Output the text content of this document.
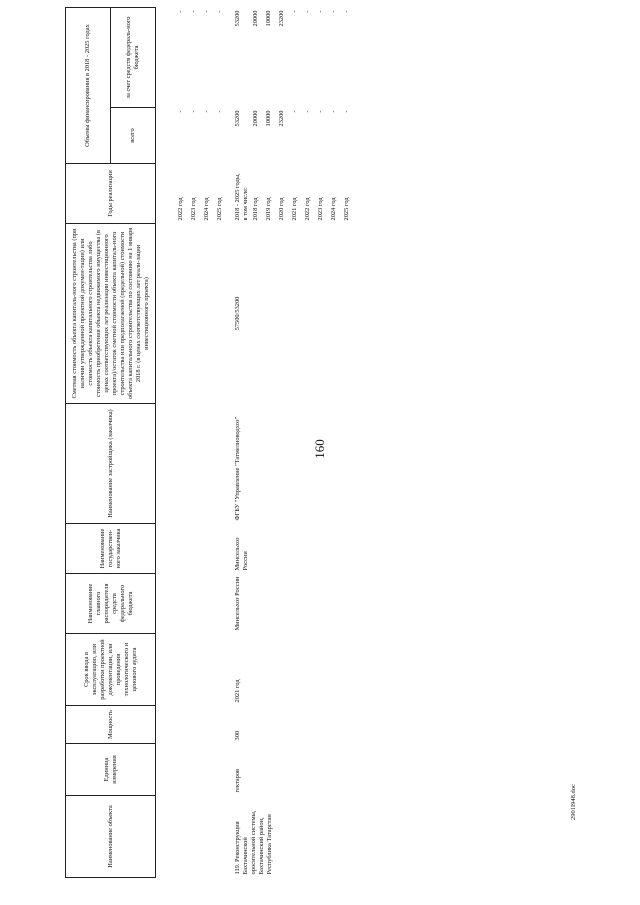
160
2901I948.doc
Наименование объекта	Единица измерения	Мощность	Срок ввода в эксплуатацию, или разработки проектной документации, или проведения технологического и ценового аудита	Наименование главного распорядителя средств федерального бюджета	Наименование государствен-ного заказчика	Наименование застройщика (заказчика)	Сметная стоимость объекта капиталь-ного строительства (при наличии утвержденной проектной докумен-тации) или стоимость объекта капитального строительства либо стоимость приобретения объекта недвижимого имущества (в ценах соответствующих лет реализации инвестиционного проекта)/остаток сметной стоимости объекта капиталь-ного строительства или предполагаемой (предельной) стоимости объекта капитального строительства по состоянию на 1 января 2018 г. (в ценах соответствующих лет реали-зации инвестиционного проекта)	Годы реализации	Объемы финансирования в 2018 - 2025 годах	
									всего	за счет средств федераль-ного бюджета

								2022 год	-	-
								2023 год	-	-
								2024 год	-	-
								2025 год	-	-
119. Реконструкция Бахтачинской оросительной системы, Бахтачинский район, Республика Татарстан	гектаров	300	2021 год	Минсельхоз России	Минсельхоз России	ФГБУ "Управление "Татмелиоводхоз"	57500/53200	2018 - 2025 годы, в том числе:	53200	53200
								2018 год	20000	20000
								2019 год	10000	10000
								2020 год	23200	23200
								2021 год	-	-
								2022 год	-	-
								2023 год	-	-
								2024 год	-	-
								2025 год	-	-
